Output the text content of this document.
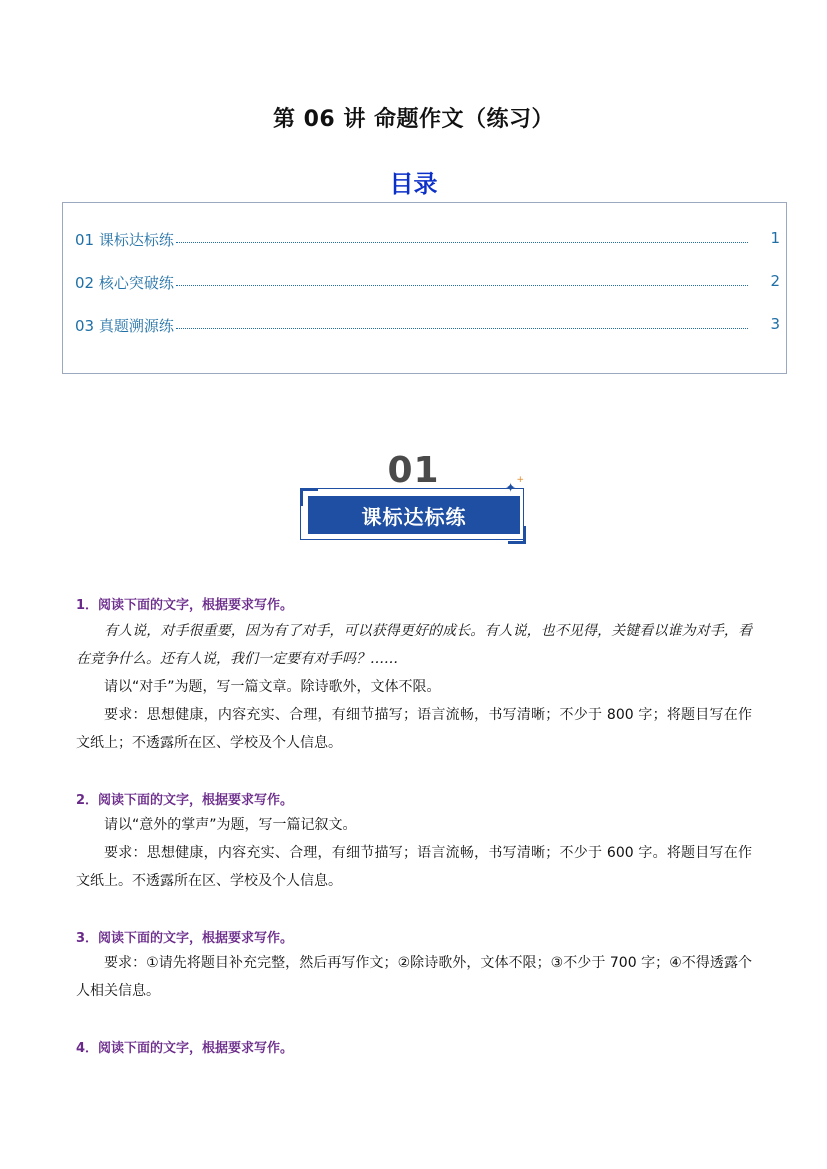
第 06 讲 命题作文（练习）
目录
01 课标达标练	1
02 核心突破练	2
03 真题溯源练	3
01
课标达标练
✦
+
1．阅读下面的文字，根据要求写作。
有人说，对手很重要，因为有了对手，可以获得更好的成长。有人说，也不见得，关键看以谁为对手，看在竞争什么。还有人说，我们一定要有对手吗？……
请以“对手”为题，写一篇文章。除诗歌外，文体不限。
要求：思想健康，内容充实、合理，有细节描写；语言流畅，书写清晰；不少于 800 字；将题目写在作文纸上；不透露所在区、学校及个人信息。
2．阅读下面的文字，根据要求写作。
请以“意外的掌声”为题，写一篇记叙文。
要求：思想健康，内容充实、合理，有细节描写；语言流畅，书写清晰；不少于 600 字。将题目写在作文纸上。不透露所在区、学校及个人信息。
3．阅读下面的文字，根据要求写作。
要求：①请先将题目补充完整，然后再写作文；②除诗歌外，文体不限；③不少于 700 字；④不得透露个人相关信息。
4．阅读下面的文字，根据要求写作。
